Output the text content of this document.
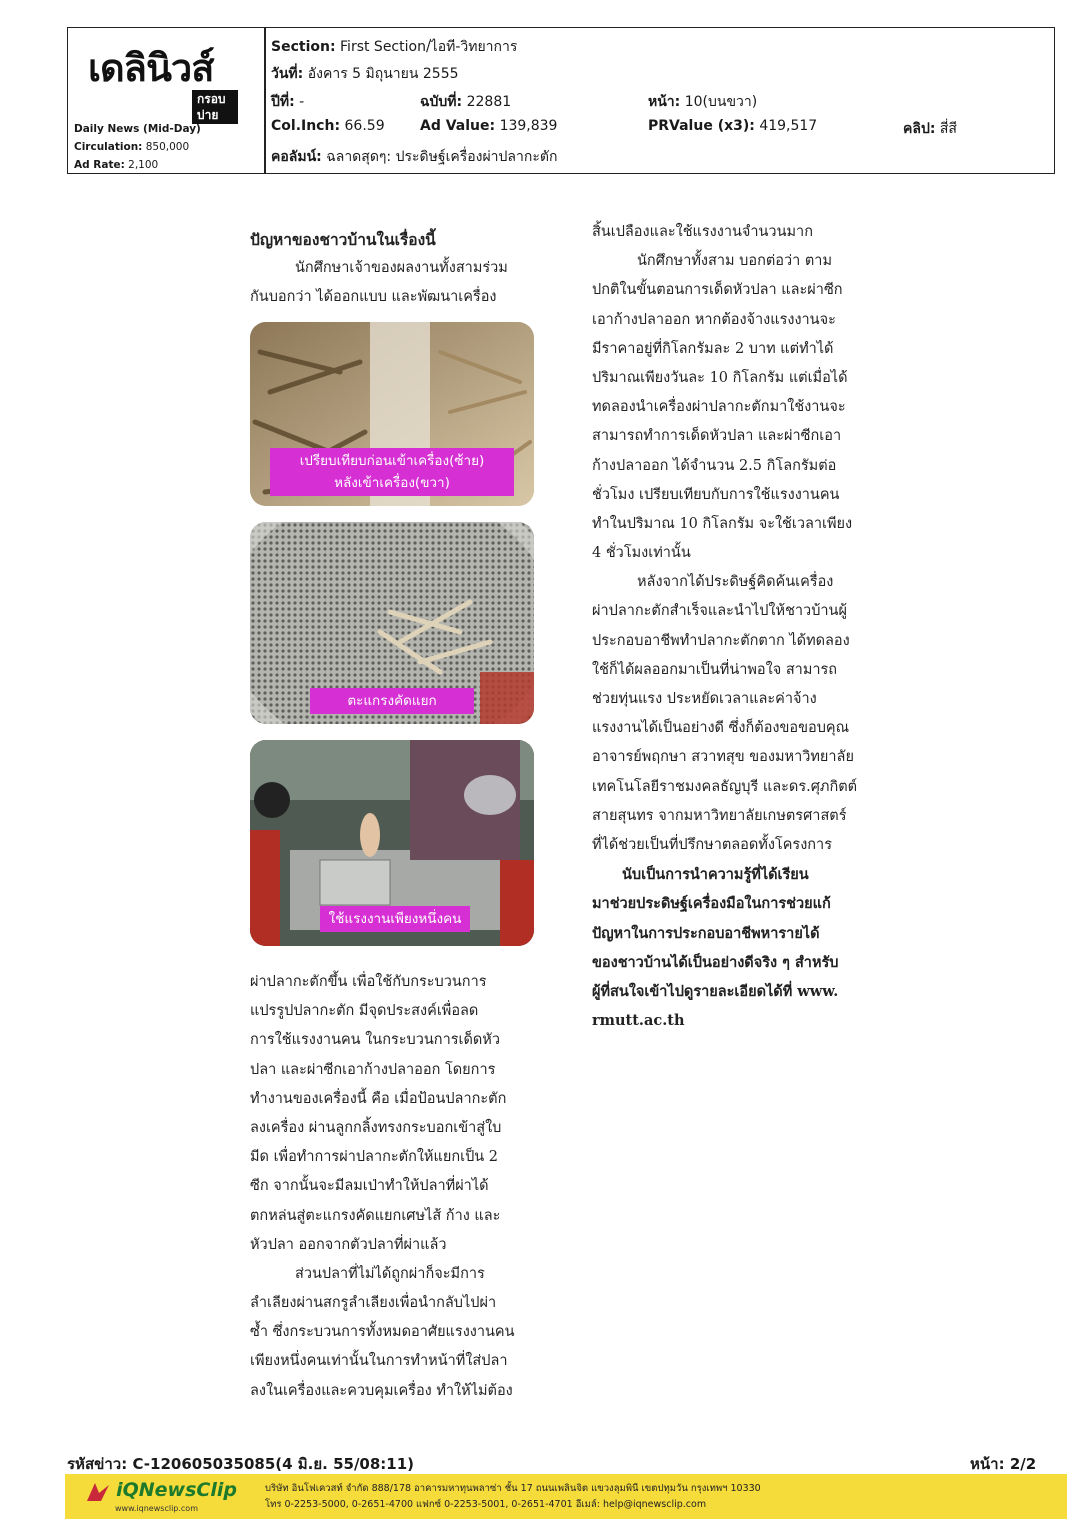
เดลินิวส์
กรอบบ่าย
Daily News (Mid-Day)
Circulation: 850,000
Ad Rate: 2,100
Section: First Section/ไอที-วิทยาการ
วันที่: อังคาร 5 มิถุนายน 2555
ปีที่: -	ฉบับที่: 22881	หน้า: 10(บนขวา)
Col.Inch: 66.59	Ad Value: 139,839	PRValue (x3): 419,517	คลิป: สี่สี
คอลัมน์: ฉลาดสุดๆ: ประดิษฐ์เครื่องผ่าปลากะตัก
ปัญหาของชาวบ้านในเรื่องนี้
นักศึกษาเจ้าของผลงานทั้งสามร่วม
กันบอกว่า ได้ออกแบบ และพัฒนาเครื่อง
เปรียบเทียบก่อนเข้าเครื่อง(ซ้าย)
หลังเข้าเครื่อง(ขวา)
ตะแกรงคัดแยก
ใช้แรงงานเพียงหนึ่งคน
ผ่าปลากะตักขึ้น เพื่อใช้กับกระบวนการ
แปรรูปปลากะตัก มีจุดประสงค์เพื่อลด
การใช้แรงงานคน ในกระบวนการเด็ดหัว
ปลา และผ่าซีกเอาก้างปลาออก โดยการ
ทำงานของเครื่องนี้ คือ เมื่อป้อนปลากะตัก
ลงเครื่อง ผ่านลูกกลิ้งทรงกระบอกเข้าสู่ใบ
มีด เพื่อทำการผ่าปลากะตักให้แยกเป็น 2
ซีก จากนั้นจะมีลมเป่าทำให้ปลาที่ผ่าได้
ตกหล่นสู่ตะแกรงคัดแยกเศษไส้ ก้าง และ
หัวปลา ออกจากตัวปลาที่ผ่าแล้ว
ส่วนปลาที่ไม่ได้ถูกผ่าก็จะมีการ
ลำเลียงผ่านสกรูลำเลียงเพื่อนำกลับไปผ่า
ซ้ำ ซึ่งกระบวนการทั้งหมดอาศัยแรงงานคน
เพียงหนึ่งคนเท่านั้นในการทำหน้าที่ใส่ปลา
ลงในเครื่องและควบคุมเครื่อง ทำให้ไม่ต้อง
สิ้นเปลืองและใช้แรงงานจำนวนมาก
นักศึกษาทั้งสาม บอกต่อว่า ตาม
ปกติในขั้นตอนการเด็ดหัวปลา และผ่าซีก
เอาก้างปลาออก หากต้องจ้างแรงงานจะ
มีราคาอยู่ที่กิโลกรัมละ 2 บาท แต่ทำได้
ปริมาณเพียงวันละ 10 กิโลกรัม แต่เมื่อได้
ทดลองนำเครื่องผ่าปลากะตักมาใช้งานจะ
สามารถทำการเด็ดหัวปลา และผ่าซีกเอา
ก้างปลาออก ได้จำนวน 2.5 กิโลกรัมต่อ
ชั่วโมง เปรียบเทียบกับการใช้แรงงานคน
ทำในปริมาณ 10 กิโลกรัม จะใช้เวลาเพียง
4 ชั่วโมงเท่านั้น
หลังจากได้ประดิษฐ์คิดค้นเครื่อง
ผ่าปลากะตักสำเร็จและนำไปให้ชาวบ้านผู้
ประกอบอาชีพทำปลากะตักตาก ได้ทดลอง
ใช้ก็ได้ผลออกมาเป็นที่น่าพอใจ สามารถ
ช่วยทุ่นแรง ประหยัดเวลาและค่าจ้าง
แรงงานได้เป็นอย่างดี ซึ่งก็ต้องขอขอบคุณ
อาจารย์พฤกษา สวาทสุข ของมหาวิทยาลัย
เทคโนโลยีราชมงคลธัญบุรี และดร.ศุภกิตต์
สายสุนทร จากมหาวิทยาลัยเกษตรศาสตร์
ที่ได้ช่วยเป็นที่ปรึกษาตลอดทั้งโครงการ
นับเป็นการนำความรู้ที่ได้เรียน
มาช่วยประดิษฐ์เครื่องมือในการช่วยแก้
ปัญหาในการประกอบอาชีพหารายได้
ของชาวบ้านได้เป็นอย่างดีจริง ๆ สำหรับ
ผู้ที่สนใจเข้าไปดูรายละเอียดได้ที่ www.
rmutt.ac.th
รหัสข่าว: C-120605035085(4 มิ.ย. 55/08:11)	หน้า: 2/2
iQNewsClip
www.iqnewsclip.com
บริษัท อินโฟเควสท์ จำกัด 888/178 อาคารมหาทุนพลาซ่า ชั้น 17 ถนนเพลินจิต แขวงลุมพินี เขตปทุมวัน กรุงเทพฯ 10330
โทร 0-2253-5000, 0-2651-4700 แฟกซ์ 0-2253-5001, 0-2651-4701 อีเมล์: help@iqnewsclip.com
